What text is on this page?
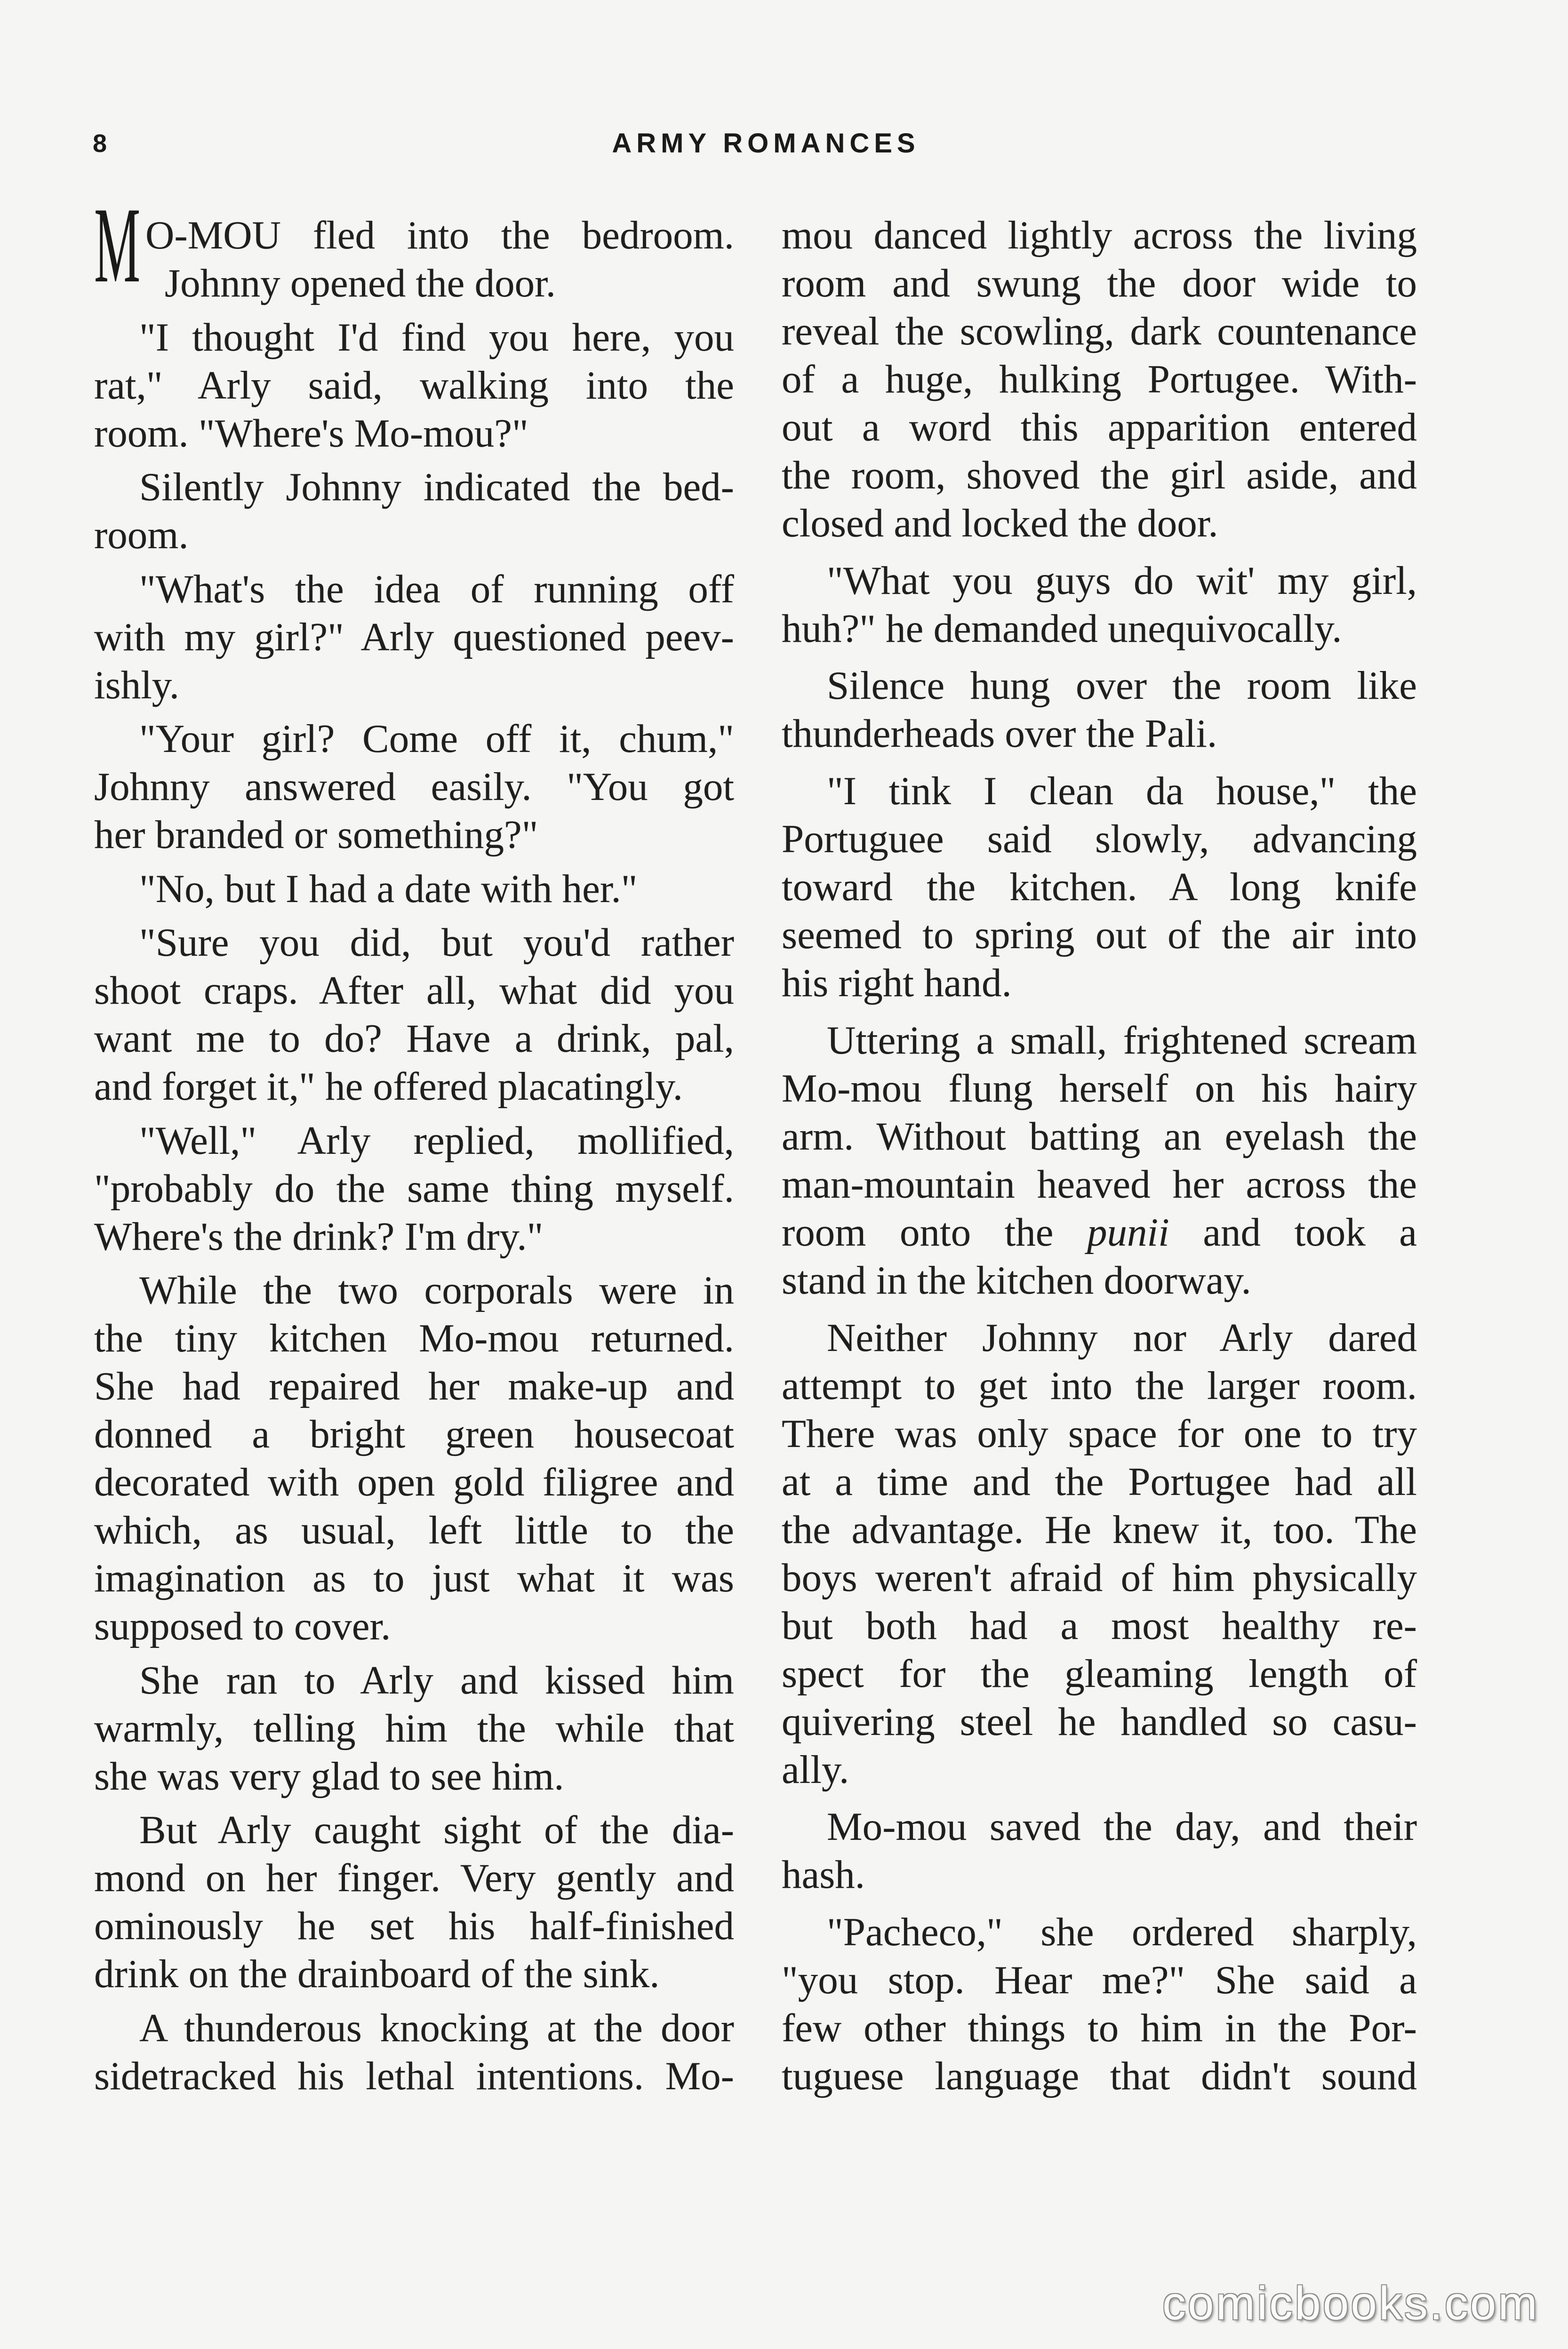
8	ARMY ROMANCES
M O-MOU fled into the bedroom.
Johnny opened the door.
"I thought I'd find you here, you
rat," Arly said, walking into the
room. "Where's Mo-mou?"
Silently Johnny indicated the bed-
room.
"What's the idea of running off
with my girl?" Arly questioned peev-
ishly.
"Your girl? Come off it, chum,"
Johnny answered easily. "You got
her branded or something?"
"No, but I had a date with her."
"Sure you did, but you'd rather
shoot craps. After all, what did you
want me to do? Have a drink, pal,
and forget it," he offered placatingly.
"Well," Arly replied, mollified,
"probably do the same thing myself.
Where's the drink? I'm dry."
While the two corporals were in
the tiny kitchen Mo-mou returned.
She had repaired her make-up and
donned a bright green housecoat
decorated with open gold filigree and
which, as usual, left little to the
imagination as to just what it was
supposed to cover.
She ran to Arly and kissed him
warmly, telling him the while that
she was very glad to see him.
But Arly caught sight of the dia-
mond on her finger. Very gently and
ominously he set his half-finished
drink on the drainboard of the sink.
A thunderous knocking at the door
sidetracked his lethal intentions. Mo-
mou danced lightly across the living
room and swung the door wide to
reveal the scowling, dark countenance
of a huge, hulking Portugee. With-
out a word this apparition entered
the room, shoved the girl aside, and
closed and locked the door.
"What you guys do wit' my girl,
huh?" he demanded unequivocally.
Silence hung over the room like
thunderheads over the Pali.
"I tink I clean da house," the
Portuguee said slowly, advancing
toward the kitchen. A long knife
seemed to spring out of the air into
his right hand.
Uttering a small, frightened scream
Mo-mou flung herself on his hairy
arm. Without batting an eyelash the
man-mountain heaved her across the
room onto the punii and took a
stand in the kitchen doorway.
Neither Johnny nor Arly dared
attempt to get into the larger room.
There was only space for one to try
at a time and the Portugee had all
the advantage. He knew it, too. The
boys weren't afraid of him physically
but both had a most healthy re-
spect for the gleaming length of
quivering steel he handled so casu-
ally.
Mo-mou saved the day, and their
hash.
"Pacheco," she ordered sharply,
"you stop. Hear me?" She said a
few other things to him in the Por-
tuguese language that didn't sound
comicbooks.com
